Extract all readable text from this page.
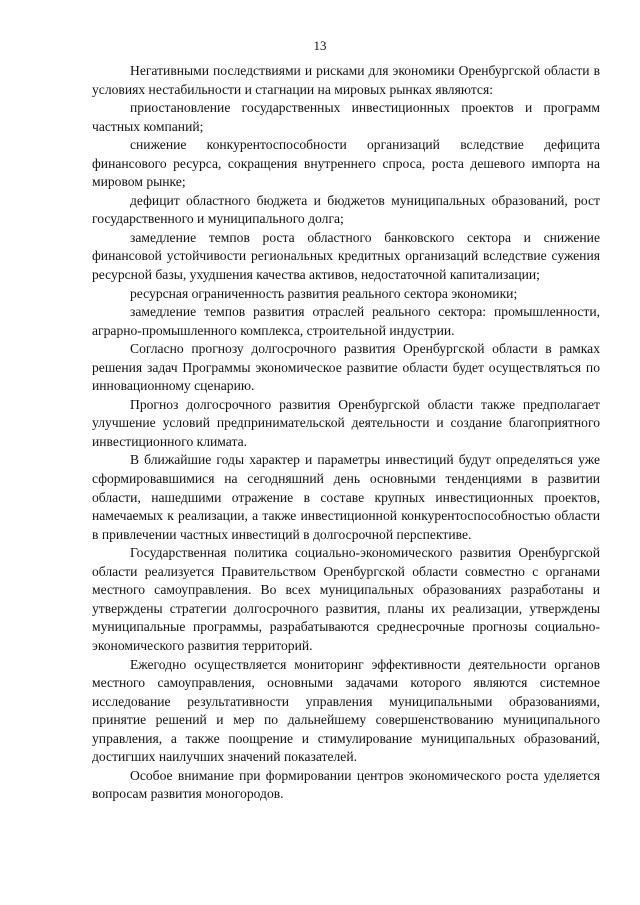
13

Негативными последствиями и рисками для экономики Оренбургской области в условиях нестабильности и стагнации на мировых рынках являются:

приостановление государственных инвестиционных проектов и программ частных компаний;

снижение конкурентоспособности организаций вследствие дефицита финансового ресурса, сокращения внутреннего спроса, роста дешевого импорта на мировом рынке;

дефицит областного бюджета и бюджетов муниципальных образований, рост государственного и муниципального долга;

замедление темпов роста областного банковского сектора и снижение финансовой устойчивости региональных кредитных организаций вследствие сужения ресурсной базы, ухудшения качества активов, недостаточной капитализации;

ресурсная ограниченность развития реального сектора экономики;

замедление темпов развития отраслей реального сектора: промышленности, аграрно-промышленного комплекса, строительной индустрии.

Согласно прогнозу долгосрочного развития Оренбургской области в рамках решения задач Программы экономическое развитие области будет осуществляться по инновационному сценарию.

Прогноз долгосрочного развития Оренбургской области также предполагает улучшение условий предпринимательской деятельности и создание благоприятного инвестиционного климата.

В ближайшие годы характер и параметры инвестиций будут определяться уже сформировавшимися на сегодняшний день основными тенденциями в развитии области, нашедшими отражение в составе крупных инвестиционных проектов, намечаемых к реализации, а также инвестиционной конкурентоспособностью области в привлечении частных инвестиций в долгосрочной перспективе.

Государственная политика социально-экономического развития Оренбургской области реализуется Правительством Оренбургской области совместно с органами местного самоуправления. Во всех муниципальных образованиях разработаны и утверждены стратегии долгосрочного развития, планы их реализации, утверждены муниципальные программы, разрабатываются среднесрочные прогнозы социально-экономического развития территорий.

Ежегодно осуществляется мониторинг эффективности деятельности органов местного самоуправления, основными задачами которого являются системное исследование результативности управления муниципальными образованиями, принятие решений и мер по дальнейшему совершенствованию муниципального управления, а также поощрение и стимулирование муниципальных образований, достигших наилучших значений показателей.

Особое внимание при формировании центров экономического роста уделяется вопросам развития моногородов.
